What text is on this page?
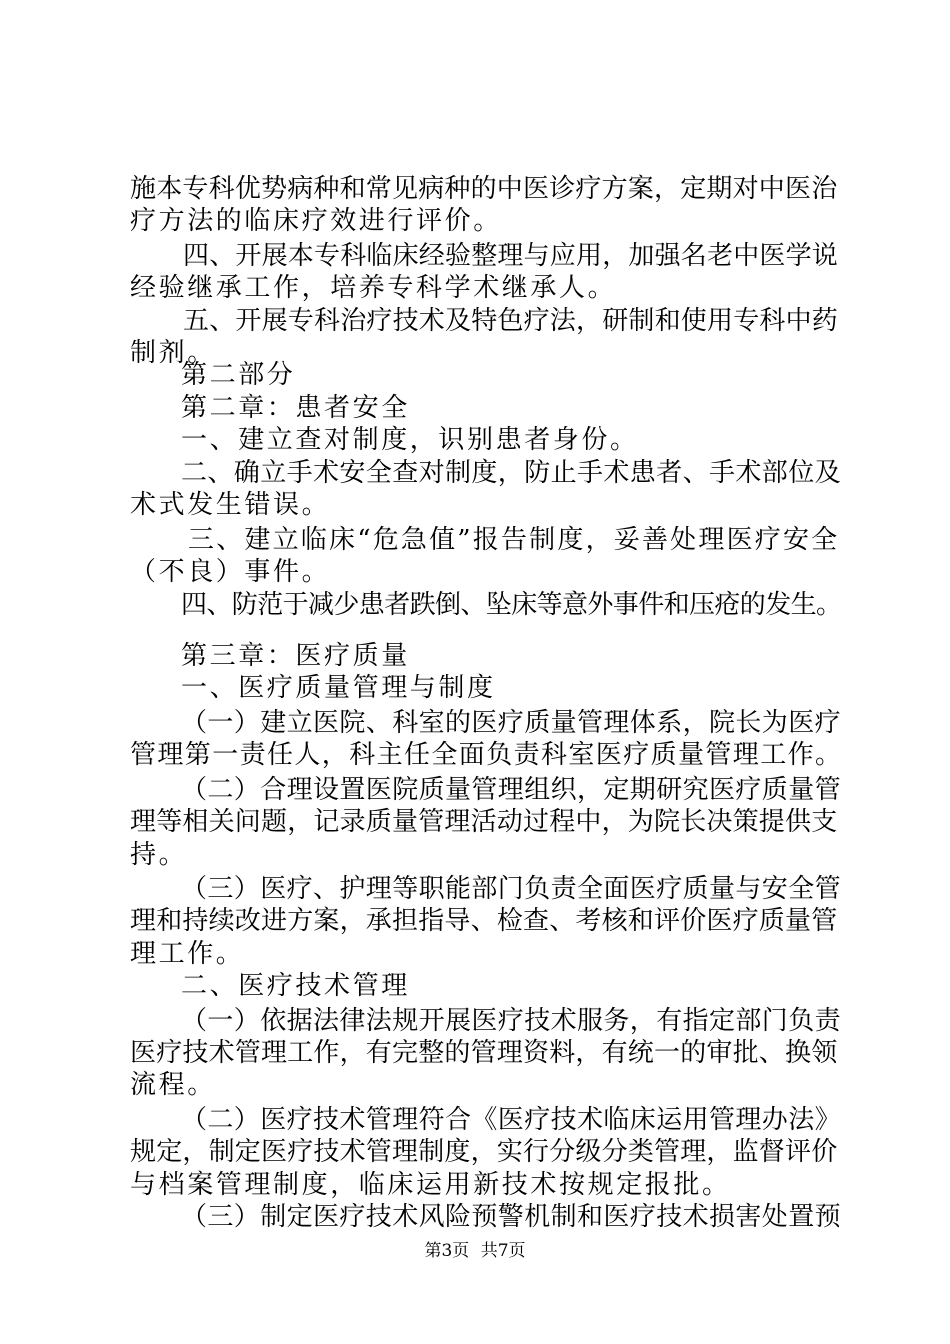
施本专科优势病种和常见病种的中医诊疗方案，定期对中医治
疗方法的临床疗效进行评价。
四、开展本专科临床经验整理与应用，加强名老中医学说
经验继承工作，培养专科学术继承人。
五、开展专科治疗技术及特色疗法，研制和使用专科中药
制剂。
第二部分
第二章：患者安全
一、建立查对制度，识别患者身份。
二、确立手术安全查对制度，防止手术患者、手术部位及
术式发生错误。
三、建立临床“危急值”报告制度，妥善处理医疗安全
（不良）事件。
四、防范于减少患者跌倒、坠床等意外事件和压疮的发生。
第三章：医疗质量
一、医疗质量管理与制度
（一）建立医院、科室的医疗质量管理体系，院长为医疗
管理第一责任人，科主任全面负责科室医疗质量管理工作。
（二）合理设置医院质量管理组织，定期研究医疗质量管
理等相关问题，记录质量管理活动过程中，为院长决策提供支
持。
（三）医疗、护理等职能部门负责全面医疗质量与安全管
理和持续改进方案，承担指导、检查、考核和评价医疗质量管
理工作。
二、医疗技术管理
（一）依据法律法规开展医疗技术服务，有指定部门负责
医疗技术管理工作，有完整的管理资料，有统一的审批、换领
流程。
（二）医疗技术管理符合《医疗技术临床运用管理办法》
规定，制定医疗技术管理制度，实行分级分类管理，监督评价
与档案管理制度，临床运用新技术按规定报批。
（三）制定医疗技术风险预警机制和医疗技术损害处置预
第3页 共7页
